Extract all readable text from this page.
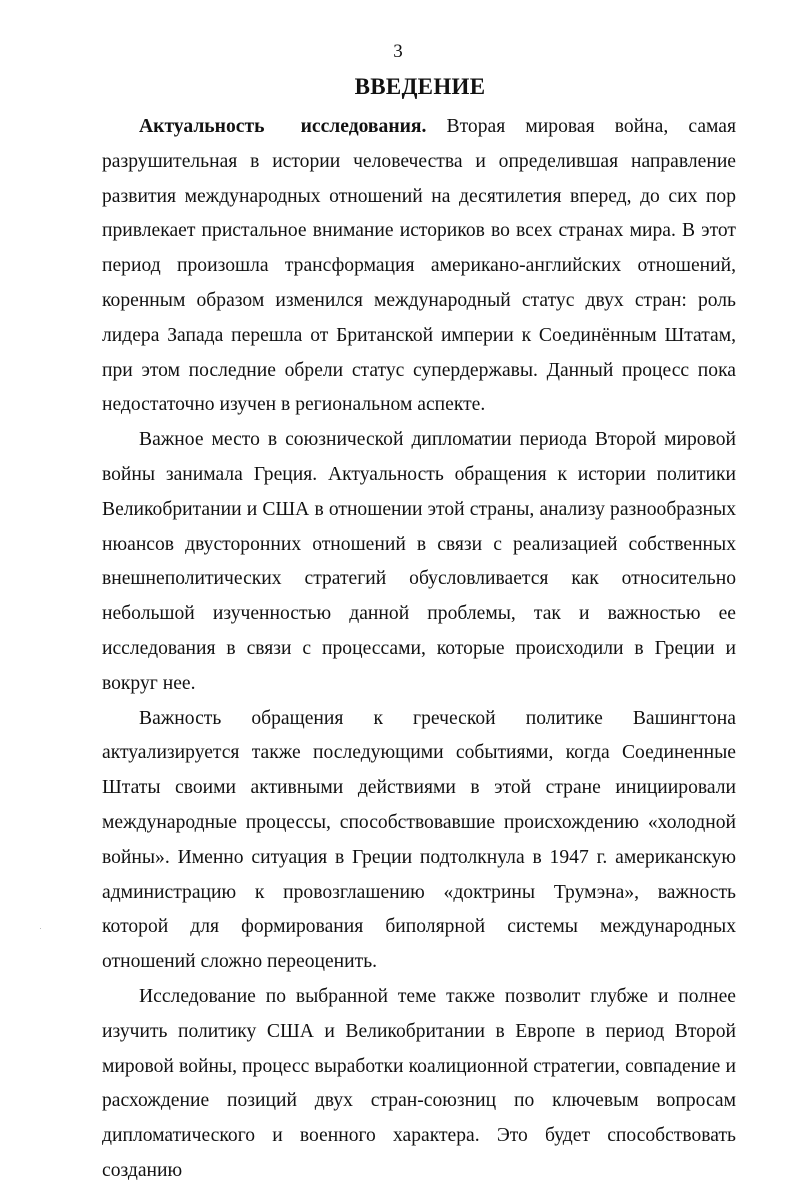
3
ВВЕДЕНИЕ

Актуальность исследования. Вторая мировая война, самая разрушительная в истории человечества и определившая направление развития международных отношений на десятилетия вперед, до сих пор привлекает пристальное внимание историков во всех странах мира. В этот период произошла трансформация американо-английских отношений, коренным образом изменился международный статус двух стран: роль лидера Запада перешла от Британской империи к Соединённым Штатам, при этом последние обрели статус супердержавы. Данный процесс пока недостаточно изучен в региональном аспекте.

Важное место в союзнической дипломатии периода Второй мировой войны занимала Греция. Актуальность обращения к истории политики Великобритании и США в отношении этой страны, анализу разнообразных нюансов двусторонних отношений в связи с реализацией собственных внешнеполитических стратегий обусловливается как относительно небольшой изученностью данной проблемы, так и важностью ее исследования в связи с процессами, которые происходили в Греции и вокруг нее.

Важность обращения к греческой политике Вашингтона актуализируется также последующими событиями, когда Соединенные Штаты своими активными действиями в этой стране инициировали международные процессы, способствовавшие происхождению «холодной войны». Именно ситуация в Греции подтолкнула в 1947 г. американскую администрацию к провозглашению «доктрины Трумэна», важность которой для формирования биполярной системы международных отношений сложно переоценить.

Исследование по выбранной теме также позволит глубже и полнее изучить политику США и Великобритании в Европе в период Второй мировой войны, процесс выработки коалиционной стратегии, совпадение и расхождение позиций двух стран-союзниц по ключевым вопросам дипломатического и военного характера. Это будет способствовать созданию
